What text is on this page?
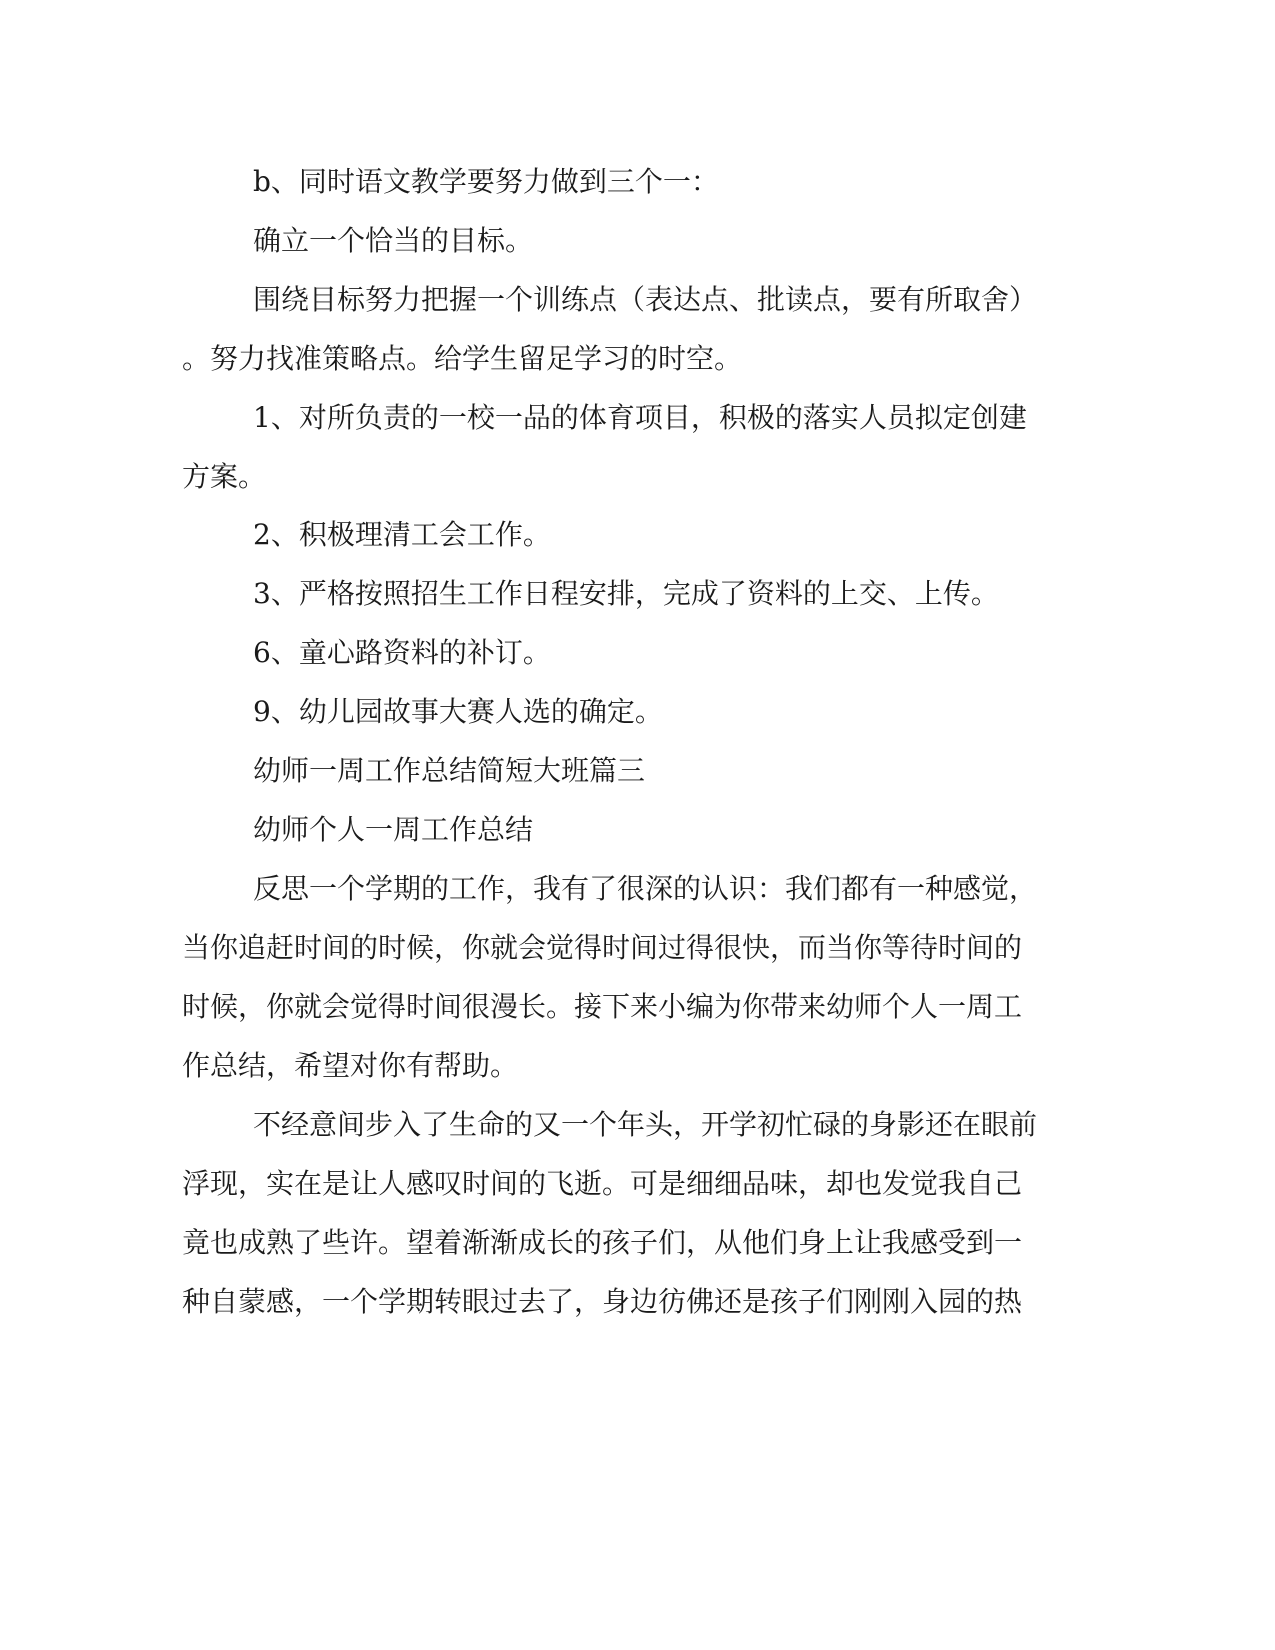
b、同时语文教学要努力做到三个一：

确立一个恰当的目标。

围绕目标努力把握一个训练点（表达点、批读点，要有所取舍）

。努力找准策略点。给学生留足学习的时空。

1、对所负责的一校一品的体育项目，积极的落实人员拟定创建

方案。

2、积极理清工会工作。

3、严格按照招生工作日程安排，完成了资料的上交、上传。

6、童心路资料的补订。

9、幼儿园故事大赛人选的确定。

幼师一周工作总结简短大班篇三

幼师个人一周工作总结

反思一个学期的工作，我有了很深的认识：我们都有一种感觉，

当你追赶时间的时候，你就会觉得时间过得很快，而当你等待时间的

时候，你就会觉得时间很漫长。接下来小编为你带来幼师个人一周工

作总结，希望对你有帮助。

不经意间步入了生命的又一个年头，开学初忙碌的身影还在眼前

浮现，实在是让人感叹时间的飞逝。可是细细品味，却也发觉我自己

竟也成熟了些许。望着渐渐成长的孩子们，从他们身上让我感受到一

种自蒙感，一个学期转眼过去了，身边彷佛还是孩子们刚刚入园的热
